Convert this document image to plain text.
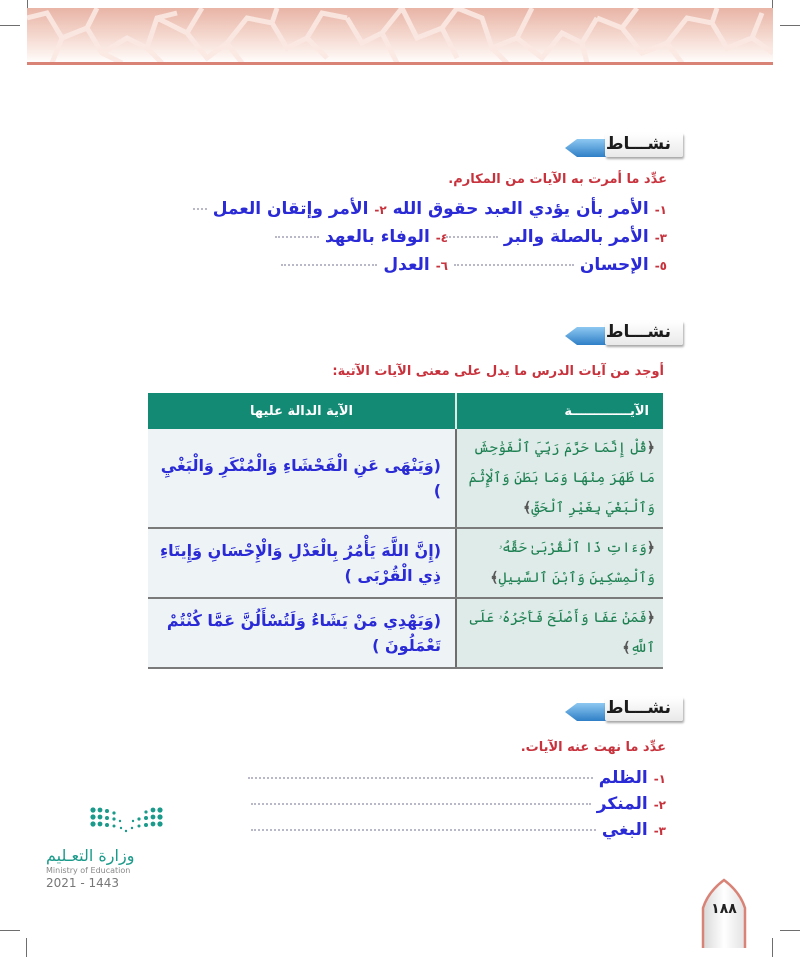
نشـــاط
عدِّد ما أمرت به الآيات من المكارم.
١- الأمر بأن يؤدي العبد حقوق الله ٢- الأمر وإتقان العمل
٣- الأمر بالصلة والبر
٤- الوفاء بالعهد
٥- الإحسان
٦- العدل
نشـــاط
أوجد من آيات الدرس ما يدل على معنى الآيات الآتية:
الآيـــــــــــــة	الآية الدالة عليها
﴿قُلْ إِنَّمَا حَرَّمَ رَبِّيَ ٱلْفَوَٰحِشَ مَا ظَهَرَ مِنْهَا وَمَا بَطَنَ وَٱلْإِثْمَ وَٱلْبَغْيَ بِغَيْرِ ٱلْحَقِّ﴾	(وَيَنْهَى عَنِ الْفَحْشَاءِ وَالْمُنْكَرِ وَالْبَغْيِ )
﴿وَءَاتِ ذَا ٱلْقُرْبَىٰ حَقَّهُۥ وَٱلْمِسْكِينَ وَٱبْنَ ٱلسَّبِيلِ﴾	(إِنَّ اللَّهَ يَأْمُرُ بِالْعَدْلِ وَالْإِحْسَانِ وَإِيتَاءِ ذِي الْقُرْبَى )
﴿فَمَنْ عَفَا وَأَصْلَحَ فَأَجْرُهُۥ عَلَى ٱللَّهِ﴾	(وَيَهْدِي مَنْ يَشَاءُ وَلَتُسْأَلُنَّ عَمَّا كُنْتُمْ تَعْمَلُونَ )
نشـــاط
عدِّد ما نهت عنه الآيات.
١- الظلم
٢- المنكر
٣- البغي
وزارة التعـليم
Ministry of Education
2021 - 1443
١٨٨
